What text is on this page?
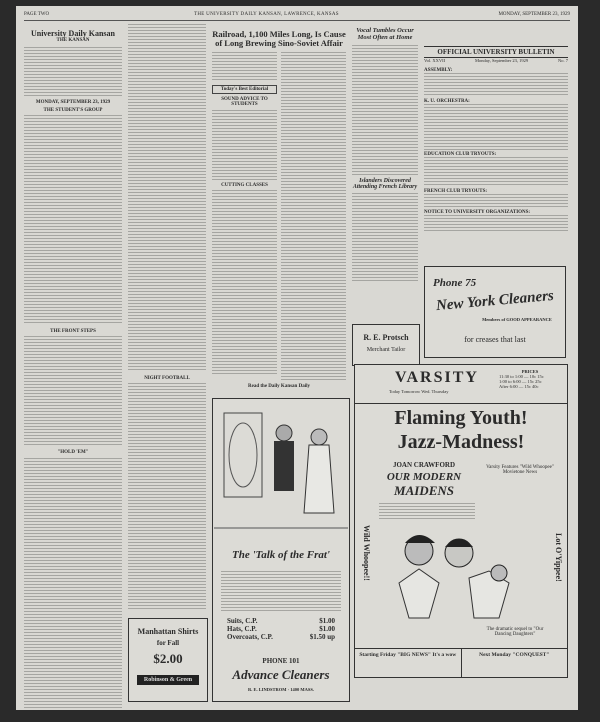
PAGE TWO	THE UNIVERSITY DAILY KANSAN, LAWRENCE, KANSAS	MONDAY, SEPTEMBER 23, 1929
University Daily Kansan
THE KANSAN
MONDAY, SEPTEMBER 23, 1929
THE STUDENT'S GROUP
THE FRONT STEPS
"HOLD 'EM"
NIGHT FOOTBALL
Manhattan Shirts
for Fall
$2.00
Robinson & Green
Railroad, 1,100 Miles Long, Is Cause of Long Brewing Sino-Soviet Affair
Today's Best Editorial
SOUND ADVICE TO STUDENTS
CUTTING CLASSES
Read the Daily Kansan Daily
The 'Talk of the Frat'
Suits, C.P.	$1.00
Hats, C.P.	$1.00
Overcoats, C.P.	$1.50 up
PHONE 101
Advance Cleaners
R. E. LINDSTROM · 1400 MASS.
Vocal Tumbles Occur Most Often at Home
Islanders Discovered Attending French Library
R. E. Protsch
Merchant Tailor
OFFICIAL UNIVERSITY BULLETIN
Vol. XXVII	Monday, September 23, 1929	No. 7
ASSEMBLY:
K. U. ORCHESTRA:
EDUCATION CLUB TRYOUTS:
FRENCH CLUB TRYOUTS:
NOTICE TO UNIVERSITY ORGANIZATIONS:
Phone 75
New York Cleaners
Members of GOOD APPEARANCE
for creases that last
VARSITY
Today Tomorrow Wed. Thursday
PRICES
11:30 to 1:00 — 10c 15c
1:00 to 6:00 — 15c 25c
After 6:00 — 15c 40c
Flaming Youth!
Jazz-Madness!
JOAN CRAWFORD
OUR MODERN
MAIDENS
Varsity Features "Wild Whoopee" Movietone News
Wild Whoopee!!	Lot O'Yippee!
The dramatic sequel to "Our Dancing Daughters"
Starting Friday "BIG NEWS" It's a wow	Next Monday "CONQUEST"
